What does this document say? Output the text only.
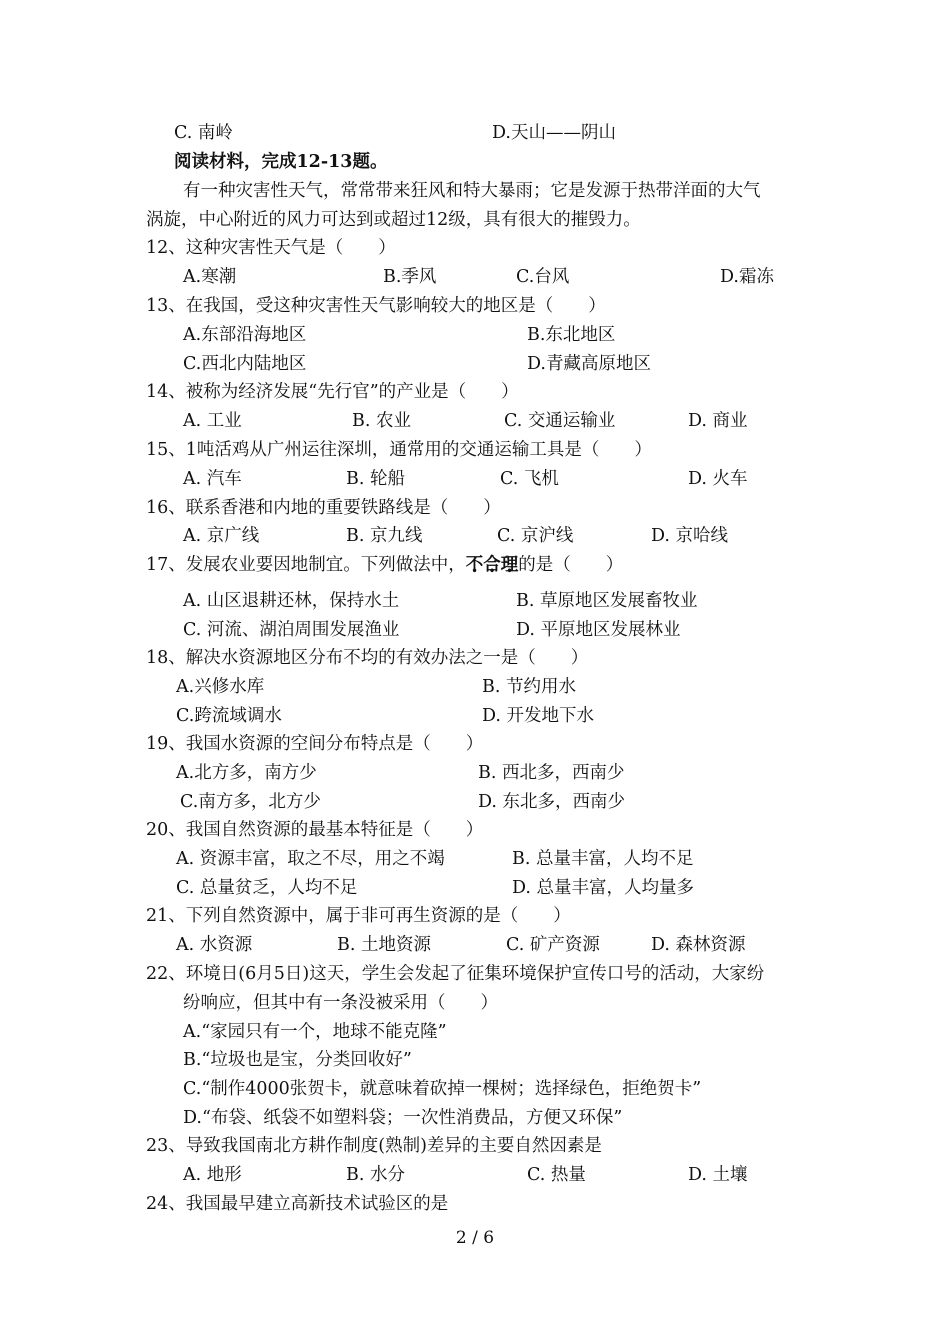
C. 南岭	D.天山——阴山
阅读材料，完成12-13题。
有一种灾害性天气，常常带来狂风和特大暴雨；它是发源于热带洋面的大气
涡旋，中心附近的风力可达到或超过12级，具有很大的摧毁力。
12、这种灾害性天气是（　　）
A.寒潮	B.季风	C.台风	D.霜冻
13、在我国，受这种灾害性天气影响较大的地区是（　　）
A.东部沿海地区	B.东北地区
C.西北内陆地区	D.青藏高原地区
14、被称为经济发展“先行官”的产业是（　　）
A. 工业	B. 农业	C. 交通运输业	D. 商业
15、1吨活鸡从广州运往深圳，通常用的交通运输工具是（　　）
A. 汽车	B. 轮船	C. 飞机	D. 火车
16、联系香港和内地的重要铁路线是（　　）
A. 京广线	B. 京九线	C. 京沪线	D. 京哈线
17、发展农业要因地制宜。下列做法中，不合理的是（　　）
A. 山区退耕还林，保持水土	B. 草原地区发展畜牧业
C. 河流、湖泊周围发展渔业	D. 平原地区发展林业
18、解决水资源地区分布不均的有效办法之一是（　　）
A.兴修水库	B. 节约用水
C.跨流域调水	D. 开发地下水
19、我国水资源的空间分布特点是（　　）
A.北方多，南方少	B. 西北多，西南少
C.南方多，北方少	D. 东北多，西南少
20、我国自然资源的最基本特征是（　　）
A. 资源丰富，取之不尽，用之不竭	B. 总量丰富，人均不足
C. 总量贫乏，人均不足	D. 总量丰富，人均量多
21、下列自然资源中，属于非可再生资源的是（　　）
A. 水资源	B. 土地资源	C. 矿产资源	D. 森林资源
22、环境日(6月5日)这天，学生会发起了征集环境保护宣传口号的活动，大家纷
纷响应，但其中有一条没被采用（　　）
A.“家园只有一个，地球不能克隆”
B.“垃圾也是宝，分类回收好”
C.“制作4000张贺卡，就意味着砍掉一棵树；选择绿色，拒绝贺卡”
D.“布袋、纸袋不如塑料袋；一次性消费品，方便又环保”
23、导致我国南北方耕作制度(熟制)差异的主要自然因素是
A. 地形	B. 水分	C. 热量	D. 土壤
24、我国最早建立高新技术试验区的是
2 / 6
